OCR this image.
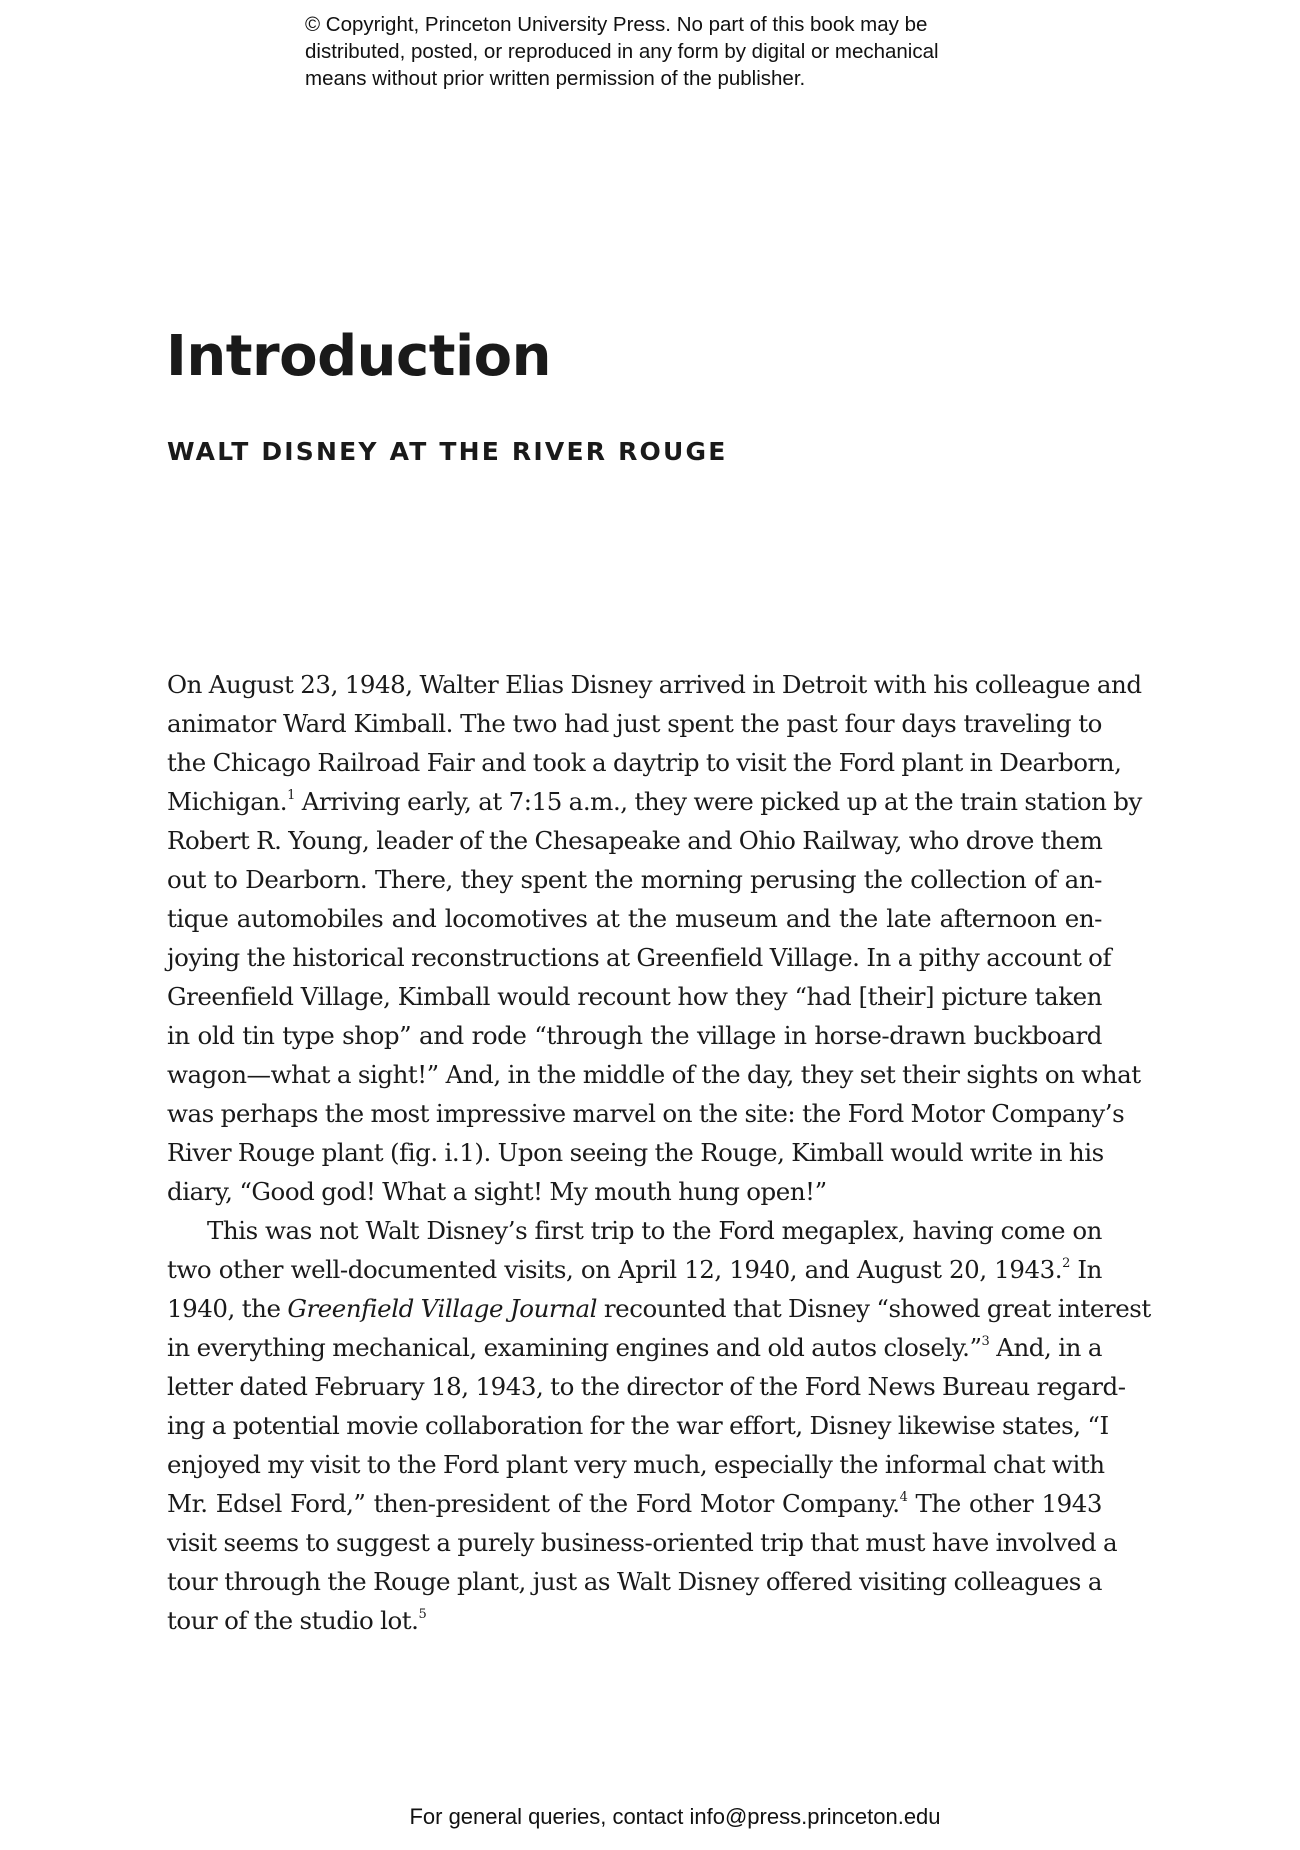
© Copyright, Princeton University Press. No part of this book may be
distributed, posted, or reproduced in any form by digital or mechanical
means without prior written permission of the publisher.
Introduction
WALT DISNEY AT THE RIVER ROUGE
On August 23, 1948, Walter Elias Disney arrived in Detroit with his colleague and
animator Ward Kimball. The two had just spent the past four days traveling to
the Chicago Railroad Fair and took a daytrip to visit the Ford plant in Dearborn,
Michigan.$^1$ Arriving early, at 7:15 a.m., they were picked up at the train station by
Robert R. Young, leader of the Chesapeake and Ohio Railway, who drove them
out to Dearborn. There, they spent the morning perusing the collection of an-
tique automobiles and locomotives at the museum and the late afternoon en-
joying the historical reconstructions at Greenfield Village. In a pithy account of
Greenfield Village, Kimball would recount how they “had [their] picture taken
in old tin type shop” and rode “through the village in horse-drawn buckboard
wagon—what a sight!” And, in the middle of the day, they set their sights on what
was perhaps the most impressive marvel on the site: the Ford Motor Company’s
River Rouge plant (fig. i.1). Upon seeing the Rouge, Kimball would write in his
diary, “Good god! What a sight! My mouth hung open!”
This was not Walt Disney’s first trip to the Ford megaplex, having come on
two other well-documented visits, on April 12, 1940, and August 20, 1943.$^2$ In
1940, the Greenfield Village Journal recounted that Disney “showed great interest
in everything mechanical, examining engines and old autos closely.”$^3$ And, in a
letter dated February 18, 1943, to the director of the Ford News Bureau regard-
ing a potential movie collaboration for the war effort, Disney likewise states, “I
enjoyed my visit to the Ford plant very much, especially the informal chat with
Mr. Edsel Ford,” then-president of the Ford Motor Company.$^4$ The other 1943
visit seems to suggest a purely business-oriented trip that must have involved a
tour through the Rouge plant, just as Walt Disney offered visiting colleagues a
tour of the studio lot.$^5$
For general queries, contact info@press.princeton.edu
